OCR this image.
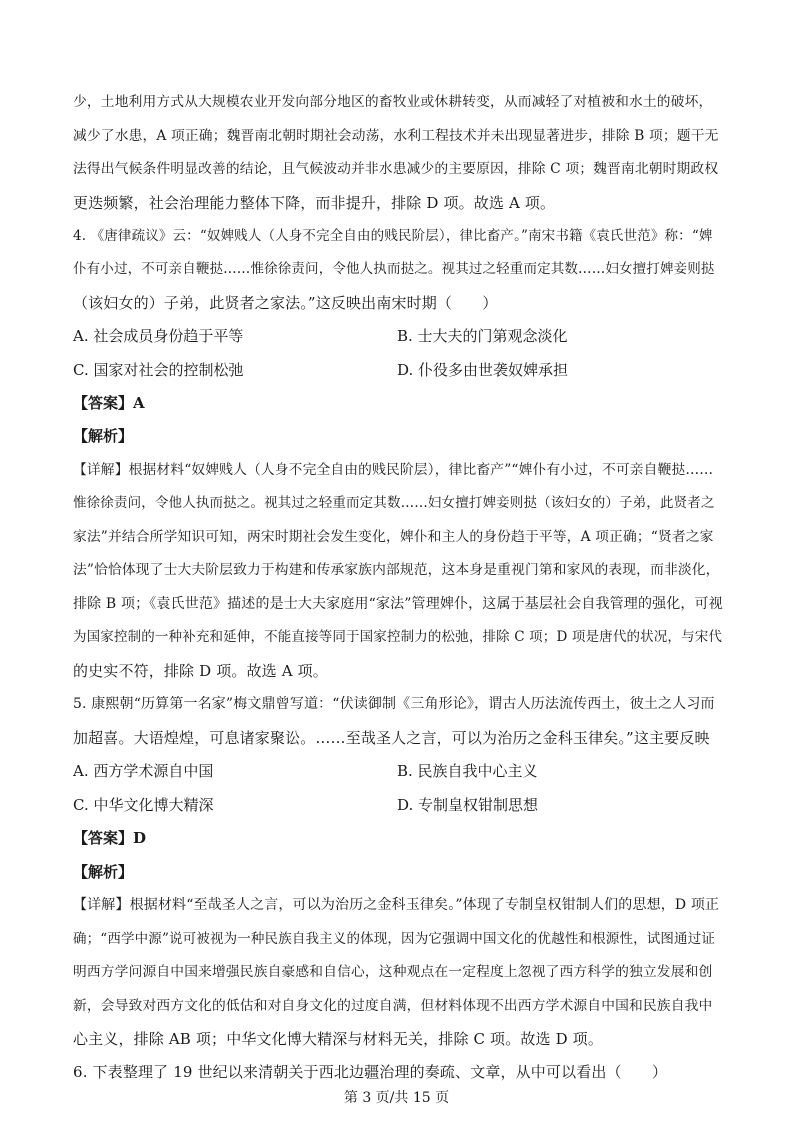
少，土地利用方式从大规模农业开发向部分地区的畜牧业或休耕转变，从而减轻了对植被和水土的破坏，
减少了水患，A 项正确；魏晋南北朝时期社会动荡，水利工程技术并未出现显著进步，排除 B 项；题干无
法得出气候条件明显改善的结论，且气候波动并非水患减少的主要原因，排除 C 项；魏晋南北朝时期政权
更迭频繁，社会治理能力整体下降，而非提升，排除 D 项。故选 A 项。
4. 《唐律疏议》云：“奴婢贱人（人身不完全自由的贱民阶层），律比畜产。”南宋书籍《袁氏世范》称：“婢
仆有小过，不可亲自鞭挞……惟徐徐责问，令他人执而挞之。视其过之轻重而定其数……妇女擅打婢妾则挞
（该妇女的）子弟，此贤者之家法。”这反映出南宋时期（　　）
A. 社会成员身份趋于平等	B. 士大夫的门第观念淡化
C. 国家对社会的控制松弛	D. 仆役多由世袭奴婢承担
【答案】A
【解析】
【详解】根据材料“奴婢贱人（人身不完全自由的贱民阶层），律比畜产”“婢仆有小过，不可亲自鞭挞……
惟徐徐责问，令他人执而挞之。视其过之轻重而定其数……妇女擅打婢妾则挞（该妇女的）子弟，此贤者之
家法”并结合所学知识可知，两宋时期社会发生变化，婢仆和主人的身份趋于平等，A 项正确；“贤者之家
法”恰恰体现了士大夫阶层致力于构建和传承家族内部规范，这本身是重视门第和家风的表现，而非淡化，
排除 B 项；《袁氏世范》描述的是士大夫家庭用“家法”管理婢仆，这属于基层社会自我管理的强化，可视
为国家控制的一种补充和延伸，不能直接等同于国家控制力的松弛，排除 C 项；D 项是唐代的状况，与宋代
的史实不符，排除 D 项。故选 A 项。
5. 康熙朝“历算第一名家”梅文鼎曾写道：“伏读御制《三角形论》，谓古人历法流传西土，彼土之人习而
加超喜。大语煌煌，可息诸家聚讼。……至哉圣人之言，可以为治历之金科玉律矣。”这主要反映
A. 西方学术源自中国	B. 民族自我中心主义
C. 中华文化博大精深	D. 专制皇权钳制思想
【答案】D
【解析】
【详解】根据材料“至哉圣人之言，可以为治历之金科玉律矣。”体现了专制皇权钳制人们的思想，D 项正
确；“西学中源”说可被视为一种民族自我主义的体现，因为它强调中国文化的优越性和根源性，试图通过证
明西方学问源自中国来增强民族自豪感和自信心，这种观点在一定程度上忽视了西方科学的独立发展和创
新，会导致对西方文化的低估和对自身文化的过度自满，但材料体现不出西方学术源自中国和民族自我中
心主义，排除 AB 项；中华文化博大精深与材料无关，排除 C 项。故选 D 项。
6. 下表整理了 19 世纪以来清朝关于西北边疆治理的奏疏、文章，从中可以看出（　　）
第 3 页/共 15 页
